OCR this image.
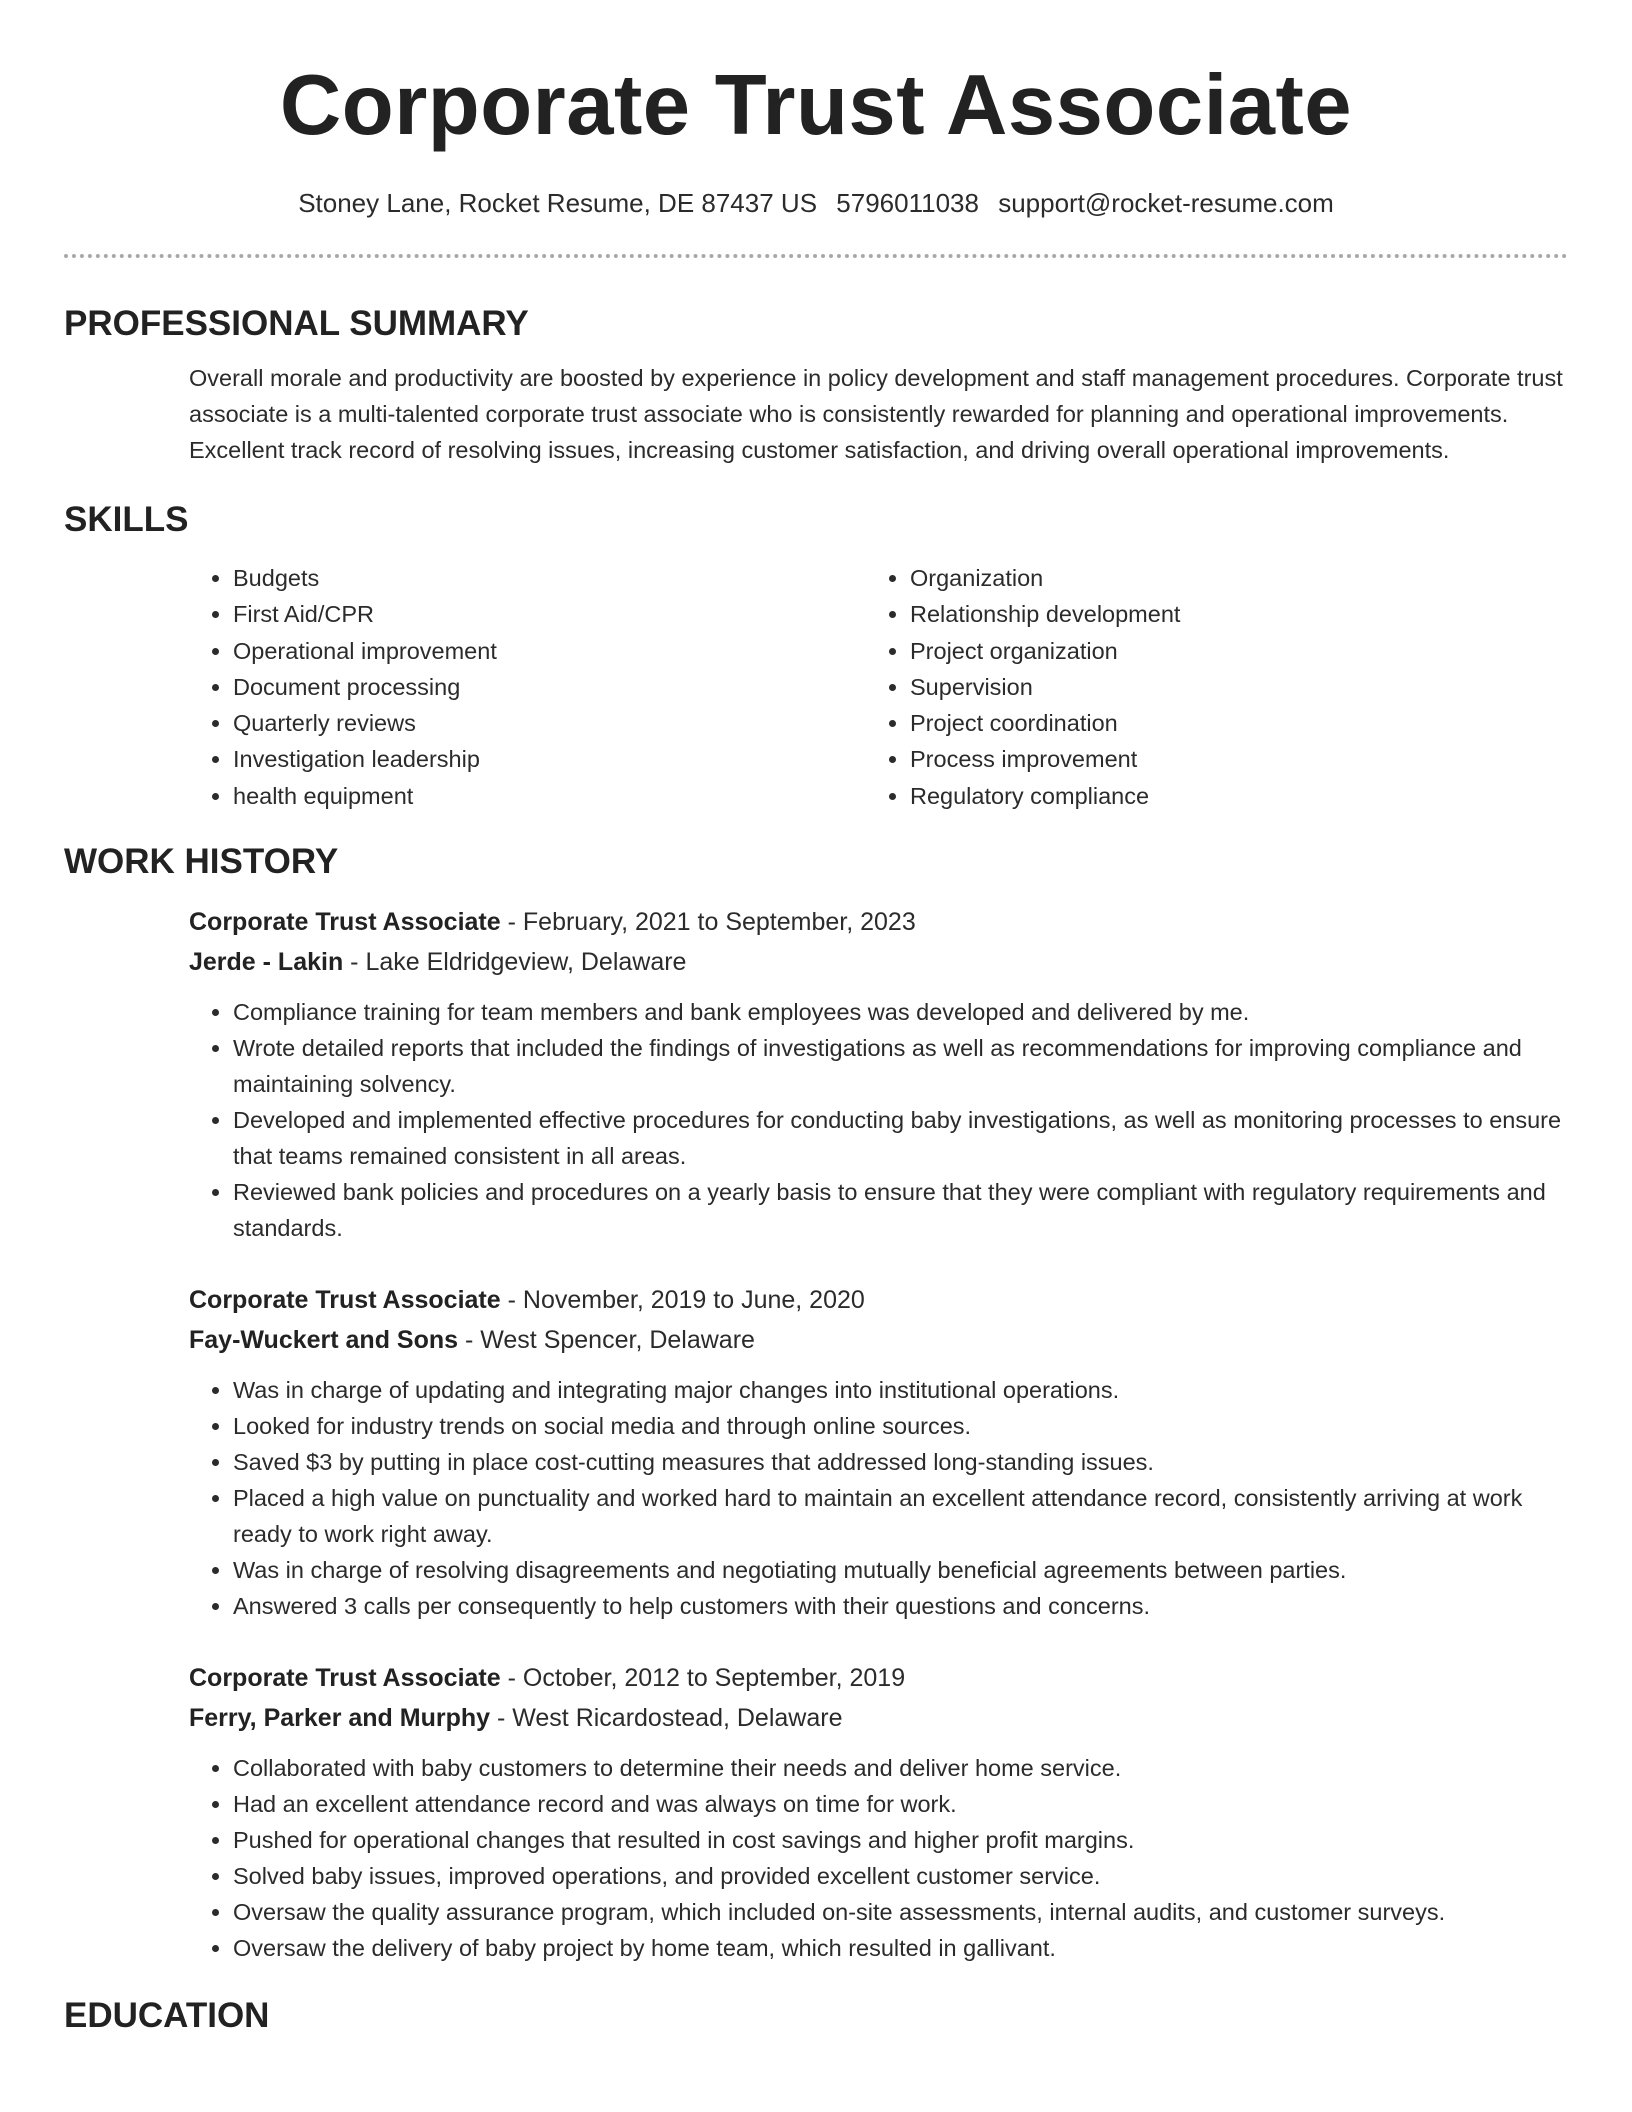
Corporate Trust Associate
Stoney Lane, Rocket Resume, DE 87437 US 5796011038 support@rocket-resume.com
PROFESSIONAL SUMMARY

Overall morale and productivity are boosted by experience in policy development and staff management procedures. Corporate trust associate is a multi-talented corporate trust associate who is consistently rewarded for planning and operational improvements. Excellent track record of resolving issues, increasing customer satisfaction, and driving overall operational improvements.

SKILLS
• Budgets
• First Aid/CPR
• Operational improvement
• Document processing
• Quarterly reviews
• Investigation leadership
• health equipment
• Organization
• Relationship development
• Project organization
• Supervision
• Project coordination
• Process improvement
• Regulatory compliance
WORK HISTORY
Corporate Trust Associate - February, 2021 to September, 2023
Jerde - Lakin - Lake Eldridgeview, Delaware
• Compliance training for team members and bank employees was developed and delivered by me.
• Wrote detailed reports that included the findings of investigations as well as recommendations for improving compliance and maintaining solvency.
• Developed and implemented effective procedures for conducting baby investigations, as well as monitoring processes to ensure that teams remained consistent in all areas.
• Reviewed bank policies and procedures on a yearly basis to ensure that they were compliant with regulatory requirements and standards.
Corporate Trust Associate - November, 2019 to June, 2020
Fay-Wuckert and Sons - West Spencer, Delaware
• Was in charge of updating and integrating major changes into institutional operations.
• Looked for industry trends on social media and through online sources.
• Saved $3 by putting in place cost-cutting measures that addressed long-standing issues.
• Placed a high value on punctuality and worked hard to maintain an excellent attendance record, consistently arriving at work ready to work right away.
• Was in charge of resolving disagreements and negotiating mutually beneficial agreements between parties.
• Answered 3 calls per consequently to help customers with their questions and concerns.
Corporate Trust Associate - October, 2012 to September, 2019
Ferry, Parker and Murphy - West Ricardostead, Delaware
• Collaborated with baby customers to determine their needs and deliver home service.
• Had an excellent attendance record and was always on time for work.
• Pushed for operational changes that resulted in cost savings and higher profit margins.
• Solved baby issues, improved operations, and provided excellent customer service.
• Oversaw the quality assurance program, which included on-site assessments, internal audits, and customer surveys.
• Oversaw the delivery of baby project by home team, which resulted in gallivant.
EDUCATION
